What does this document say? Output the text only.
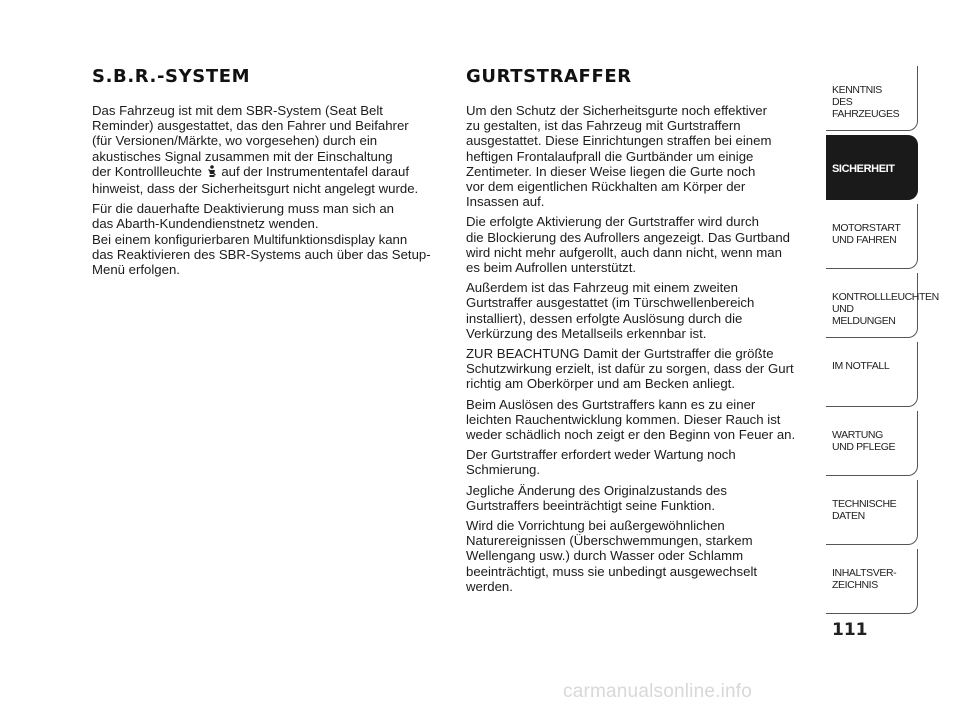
S.B.R.-SYSTEM

Das Fahrzeug ist mit dem SBR-System (Seat Belt
Reminder) ausgestattet, das den Fahrer und Beifahrer
(für Versionen/Märkte, wo vorgesehen) durch ein
akustisches Signal zusammen mit der Einschaltung
der Kontrollleuchte auf der Instrumententafel darauf
hinweist, dass der Sicherheitsgurt nicht angelegt wurde.

Für die dauerhafte Deaktivierung muss man sich an
das Abarth-Kundendienstnetz wenden.
Bei einem konfigurierbaren Multifunktionsdisplay kann
das Reaktivieren des SBR-Systems auch über das Setup-
Menü erfolgen.

GURTSTRAFFER

Um den Schutz der Sicherheitsgurte noch effektiver
zu gestalten, ist das Fahrzeug mit Gurtstraffern
ausgestattet. Diese Einrichtungen straffen bei einem
heftigen Frontalaufprall die Gurtbänder um einige
Zentimeter. In dieser Weise liegen die Gurte noch
vor dem eigentlichen Rückhalten am Körper der
Insassen auf.

Die erfolgte Aktivierung der Gurtstraffer wird durch
die Blockierung des Aufrollers angezeigt. Das Gurtband
wird nicht mehr aufgerollt, auch dann nicht, wenn man
es beim Aufrollen unterstützt.

Außerdem ist das Fahrzeug mit einem zweiten
Gurtstraffer ausgestattet (im Türschwellenbereich
installiert), dessen erfolgte Auslösung durch die
Verkürzung des Metallseils erkennbar ist.

ZUR BEACHTUNG Damit der Gurtstraffer die größte
Schutzwirkung erzielt, ist dafür zu sorgen, dass der Gurt
richtig am Oberkörper und am Becken anliegt.

Beim Auslösen des Gurtstraffers kann es zu einer
leichten Rauchentwicklung kommen. Dieser Rauch ist
weder schädlich noch zeigt er den Beginn von Feuer an.

Der Gurtstraffer erfordert weder Wartung noch
Schmierung.

Jegliche Änderung des Originalzustands des
Gurtstraffers beeinträchtigt seine Funktion.

Wird die Vorrichtung bei außergewöhnlichen
Naturereignissen (Überschwemmungen, starkem
Wellengang usw.) durch Wasser oder Schlamm
beeinträchtigt, muss sie unbedingt ausgewechselt
werden.

KENNTNIS
DES FAHRZEUGES
SICHERHEIT
MOTORSTART
UND FAHREN
KONTROLLLEUCHTEN
UND MELDUNGEN
IM NOTFALL
WARTUNG
UND PFLEGE
TECHNISCHE
DATEN
INHALTSVER-
ZEICHNIS
111
carmanualsonline.info
